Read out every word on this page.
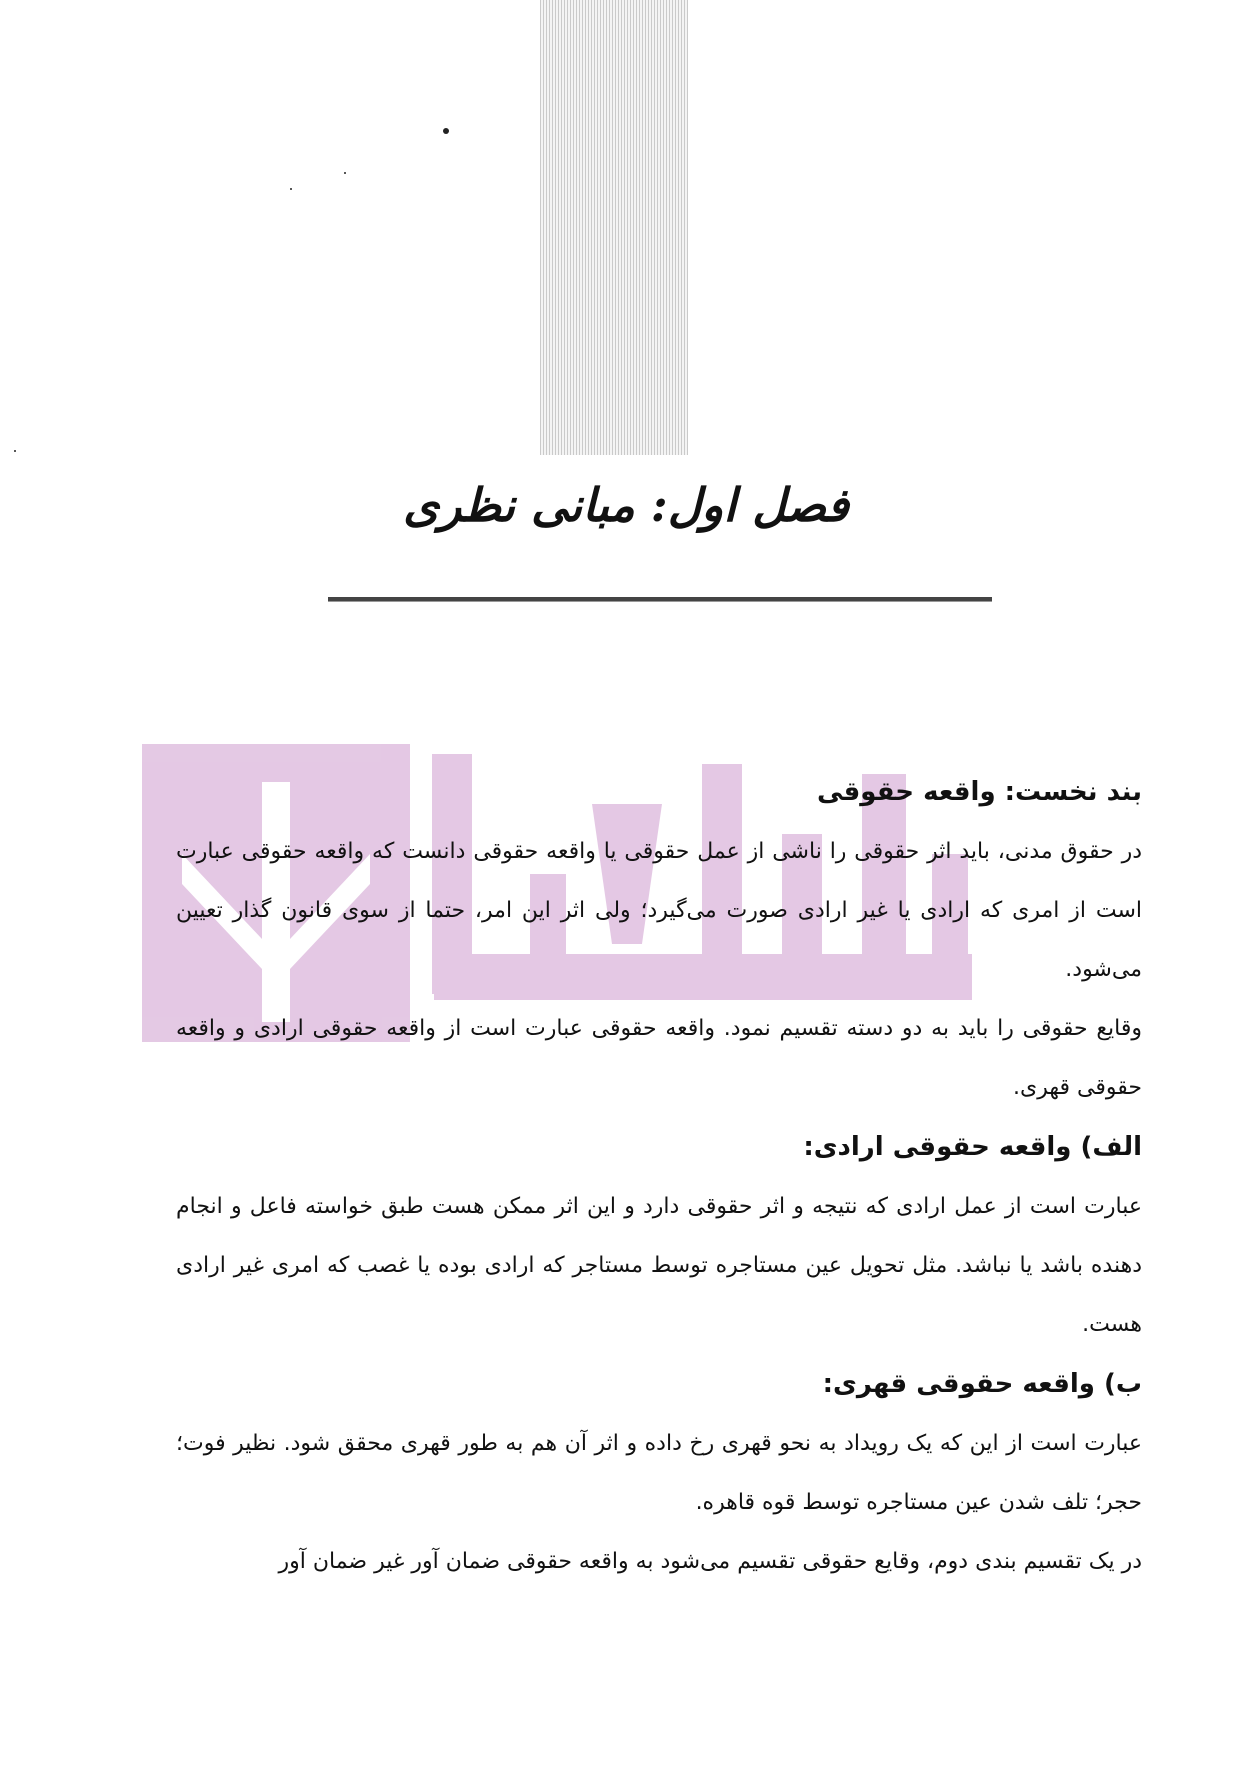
فصل اول: مبانی نظری
بند نخست: واقعه حقوقی

در حقوق مدنی، باید اثر حقوقی را ناشی از عمل حقوقی یا واقعه حقوقی دانست که واقعه حقوقی عبارت است از امری که ارادی یا غیر ارادی صورت می‌گیرد؛ ولی اثر این امر، حتما از سوی قانون گذار تعیین می‌شود.

وقایع حقوقی را باید به دو دسته تقسیم نمود. واقعه حقوقی عبارت است از واقعه حقوقی ارادی و واقعه حقوقی قهری.

الف) واقعه حقوقی ارادی:

عبارت است از عمل ارادی که نتیجه و اثر حقوقی دارد و این اثر ممکن هست طبق خواسته فاعل و انجام دهنده باشد یا نباشد. مثل تحویل عین مستاجره توسط مستاجر که ارادی بوده یا غصب که امری غیر ارادی هست.

ب) واقعه حقوقی قهری:

عبارت است از این که یک رویداد به نحو قهری رخ داده و اثر آن هم به طور قهری محقق شود. نظیر فوت؛ حجر؛ تلف شدن عین مستاجره توسط قوه قاهره.

در یک تقسیم بندی دوم، وقایع حقوقی تقسیم می‌شود به واقعه حقوقی ضمان آور غیر ضمان آور
